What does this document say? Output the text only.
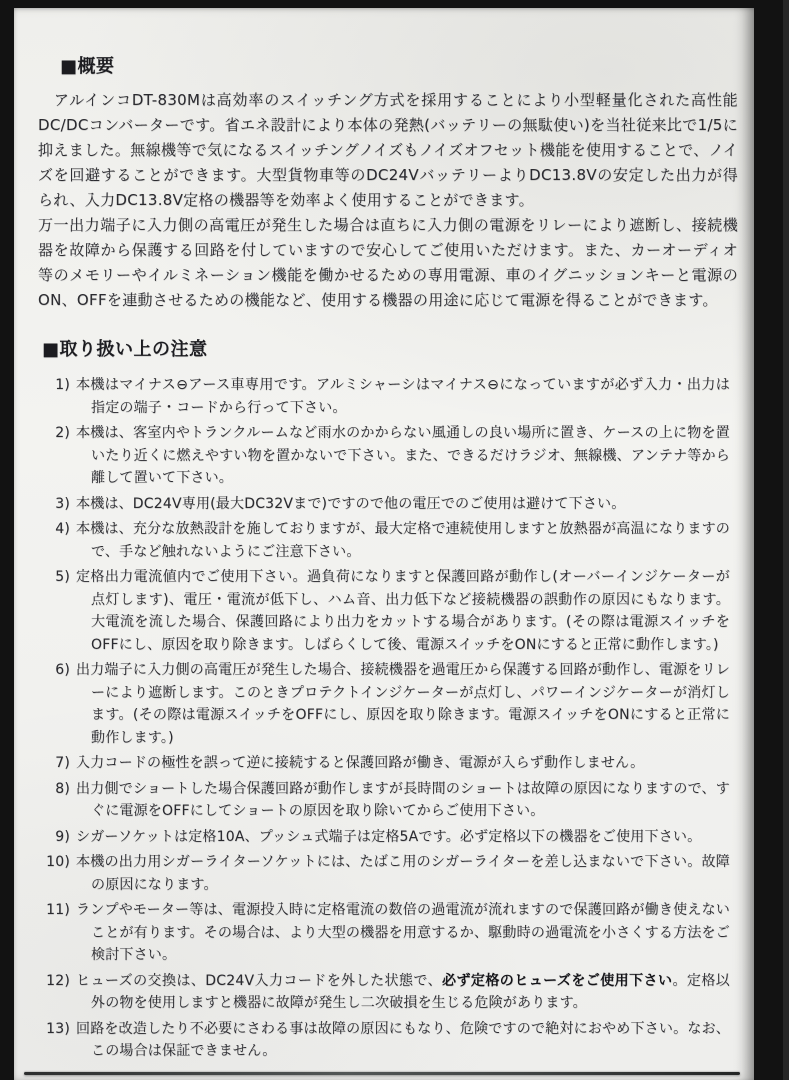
■概要

　アルインコDT-830Mは高効率のスイッチング方式を採用することにより小型軽量化された高性能DC/DCコンバーターです。省エネ設計により本体の発熱(バッテリーの無駄使い)を当社従来比で1/5に抑えました。無線機等で気になるスイッチングノイズもノイズオフセット機能を使用することで、ノイズを回避することができます。大型貨物車等のDC24VバッテリーよりDC13.8Vの安定した出力が得られ、入力DC13.8V定格の機器等を効率よく使用することができます。

万一出力端子に入力側の高電圧が発生した場合は直ちに入力側の電源をリレーにより遮断し、接続機器を故障から保護する回路を付していますので安心してご使用いただけます。また、カーオーディオ等のメモリーやイルミネーション機能を働かせるための専用電源、車のイグニッションキーと電源のON、OFFを連動させるための機能など、使用する機器の用途に応じて電源を得ることができます。

■取り扱い上の注意
1) 本機はマイナス⊖アース車専用です。アルミシャーシはマイナス⊖になっていますが必ず入力・出力は指定の端子・コードから行って下さい。
2) 本機は、客室内やトランクルームなど雨水のかからない風通しの良い場所に置き、ケースの上に物を置いたり近くに燃えやすい物を置かないで下さい。また、できるだけラジオ、無線機、アンテナ等から離して置いて下さい。
3) 本機は、DC24V専用(最大DC32Vまで)ですので他の電圧でのご使用は避けて下さい。
4) 本機は、充分な放熱設計を施しておりますが、最大定格で連続使用しますと放熱器が高温になりますので、手など触れないようにご注意下さい。
5) 定格出力電流値内でご使用下さい。過負荷になりますと保護回路が動作し(オーバーインジケーターが点灯します)、電圧・電流が低下し、ハム音、出力低下など接続機器の誤動作の原因にもなります。大電流を流した場合、保護回路により出力をカットする場合があります。(その際は電源スイッチをOFFにし、原因を取り除きます。しばらくして後、電源スイッチをONにすると正常に動作します。)
6) 出力端子に入力側の高電圧が発生した場合、接続機器を過電圧から保護する回路が動作し、電源をリレーにより遮断します。このときプロテクトインジケーターが点灯し、パワーインジケーターが消灯します。(その際は電源スイッチをOFFにし、原因を取り除きます。電源スイッチをONにすると正常に動作します。)
7) 入力コードの極性を誤って逆に接続すると保護回路が働き、電源が入らず動作しません。
8) 出力側でショートした場合保護回路が動作しますが長時間のショートは故障の原因になりますので、すぐに電源をOFFにしてショートの原因を取り除いてからご使用下さい。
9) シガーソケットは定格10A、プッシュ式端子は定格5Aです。必ず定格以下の機器をご使用下さい。
10) 本機の出力用シガーライターソケットには、たばこ用のシガーライターを差し込まないで下さい。故障の原因になります。
11) ランプやモーター等は、電源投入時に定格電流の数倍の過電流が流れますので保護回路が働き使えないことが有ります。その場合は、より大型の機器を用意するか、駆動時の過電流を小さくする方法をご検討下さい。
12) ヒューズの交換は、DC24V入力コードを外した状態で、必ず定格のヒューズをご使用下さい。定格以外の物を使用しますと機器に故障が発生し二次破損を生じる危険があります。
13) 回路を改造したり不必要にさわる事は故障の原因にもなり、危険ですので絶対におやめ下さい。なお、この場合は保証できません。
